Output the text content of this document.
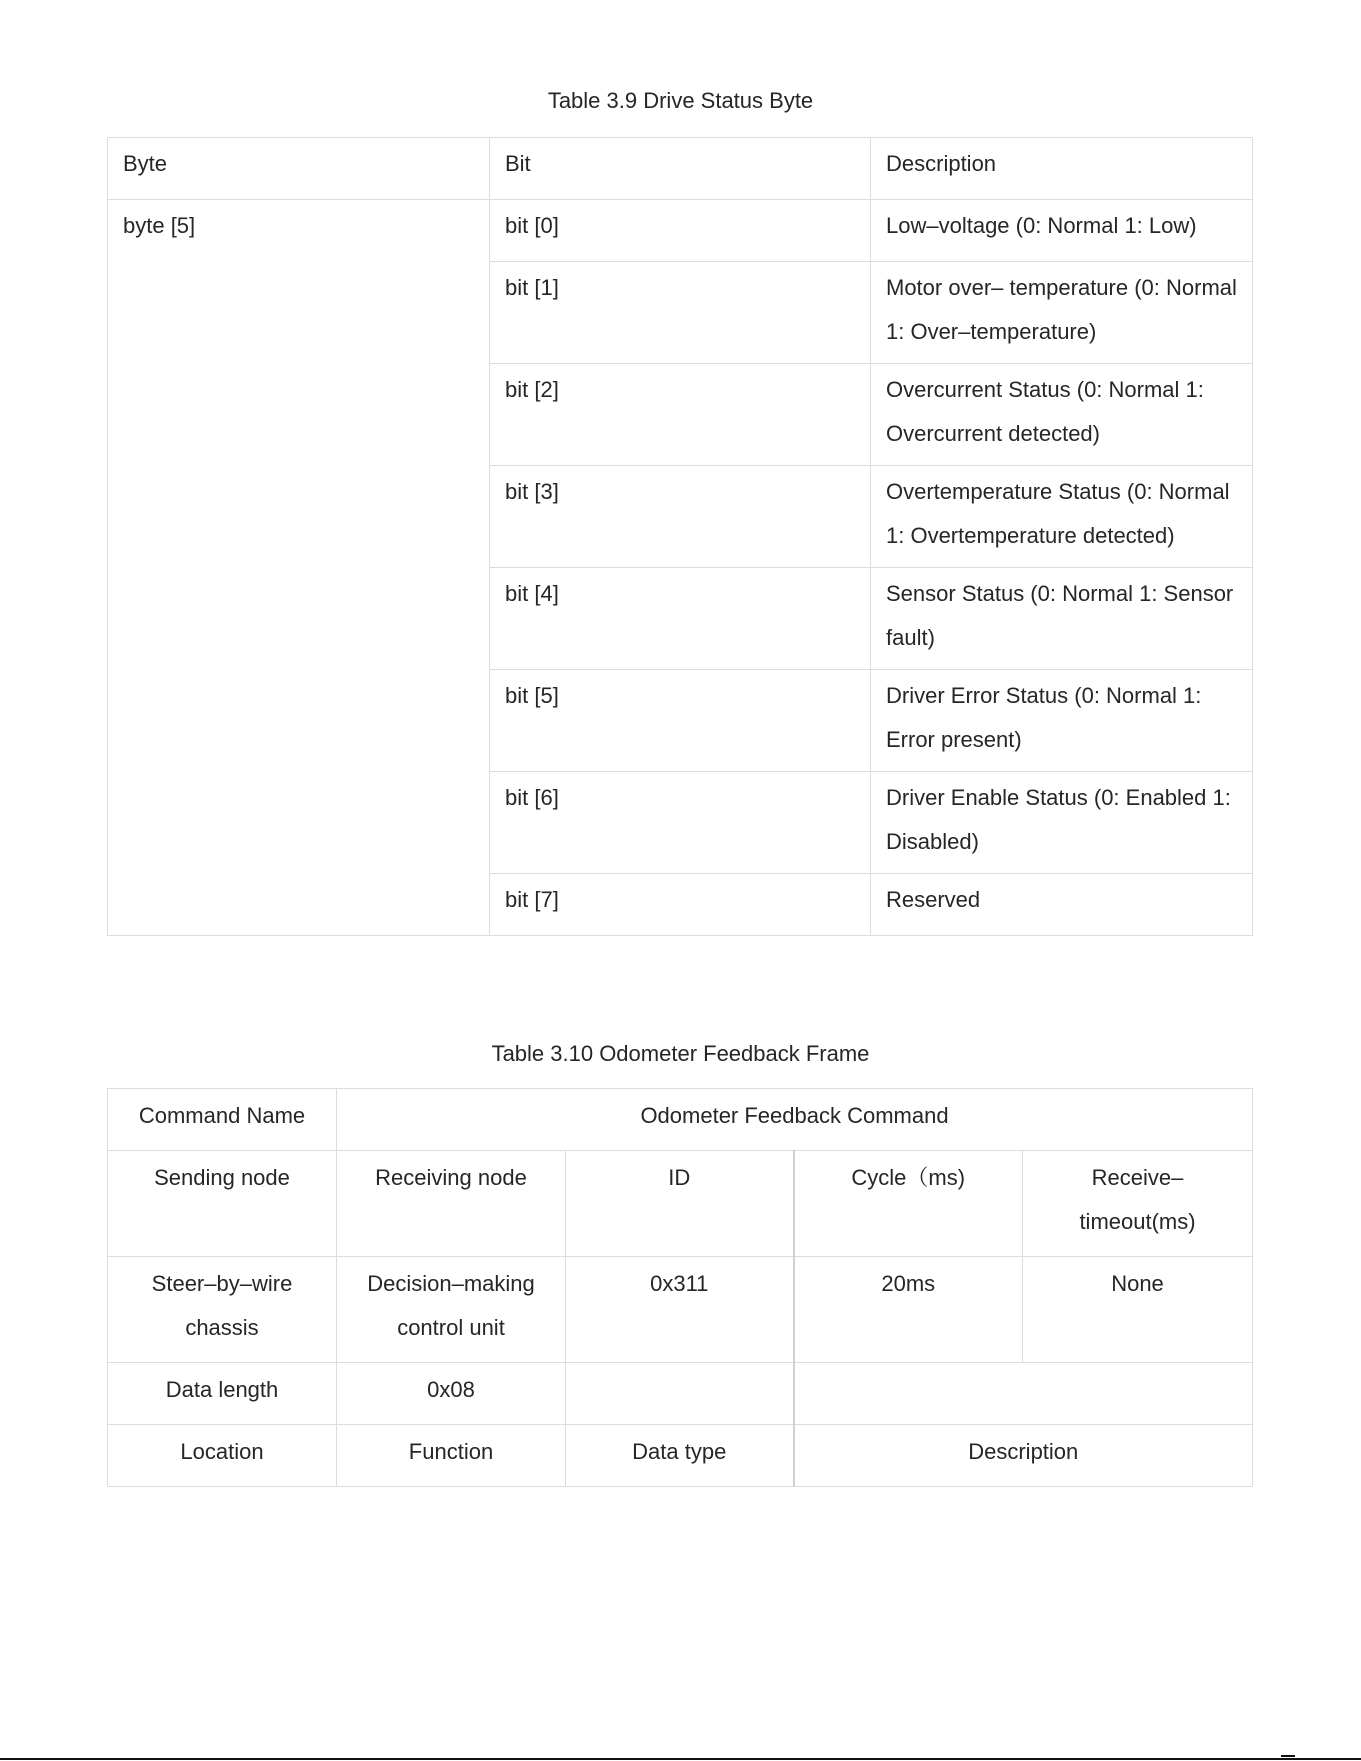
Table 3.9 Drive Status Byte
Byte	Bit	Description
byte [5]	bit [0]	Low–voltage (0: Normal 1: Low)
	bit [1]	Motor over– temperature (0: Normal 1: Over–temperature)
	bit [2]	Overcurrent Status (0: Normal 1: Overcurrent detected)
	bit [3]	Overtemperature Status (0: Normal 1: Overtemperature detected)
	bit [4]	Sensor Status (0: Normal 1: Sensor fault)
	bit [5]	Driver Error Status (0: Normal 1: Error present)
	bit [6]	Driver Enable Status (0: Enabled 1: Disabled)
	bit [7]	Reserved
Table 3.10 Odometer Feedback Frame
Command Name	Odometer Feedback Command			
Sending node	Receiving node	ID	Cycle（ms)	Receive–timeout(ms)
Steer–by–wire chassis	Decision–making control unit	0x311	20ms	None
Data length	0x08			
Location	Function	Data type	Description	
